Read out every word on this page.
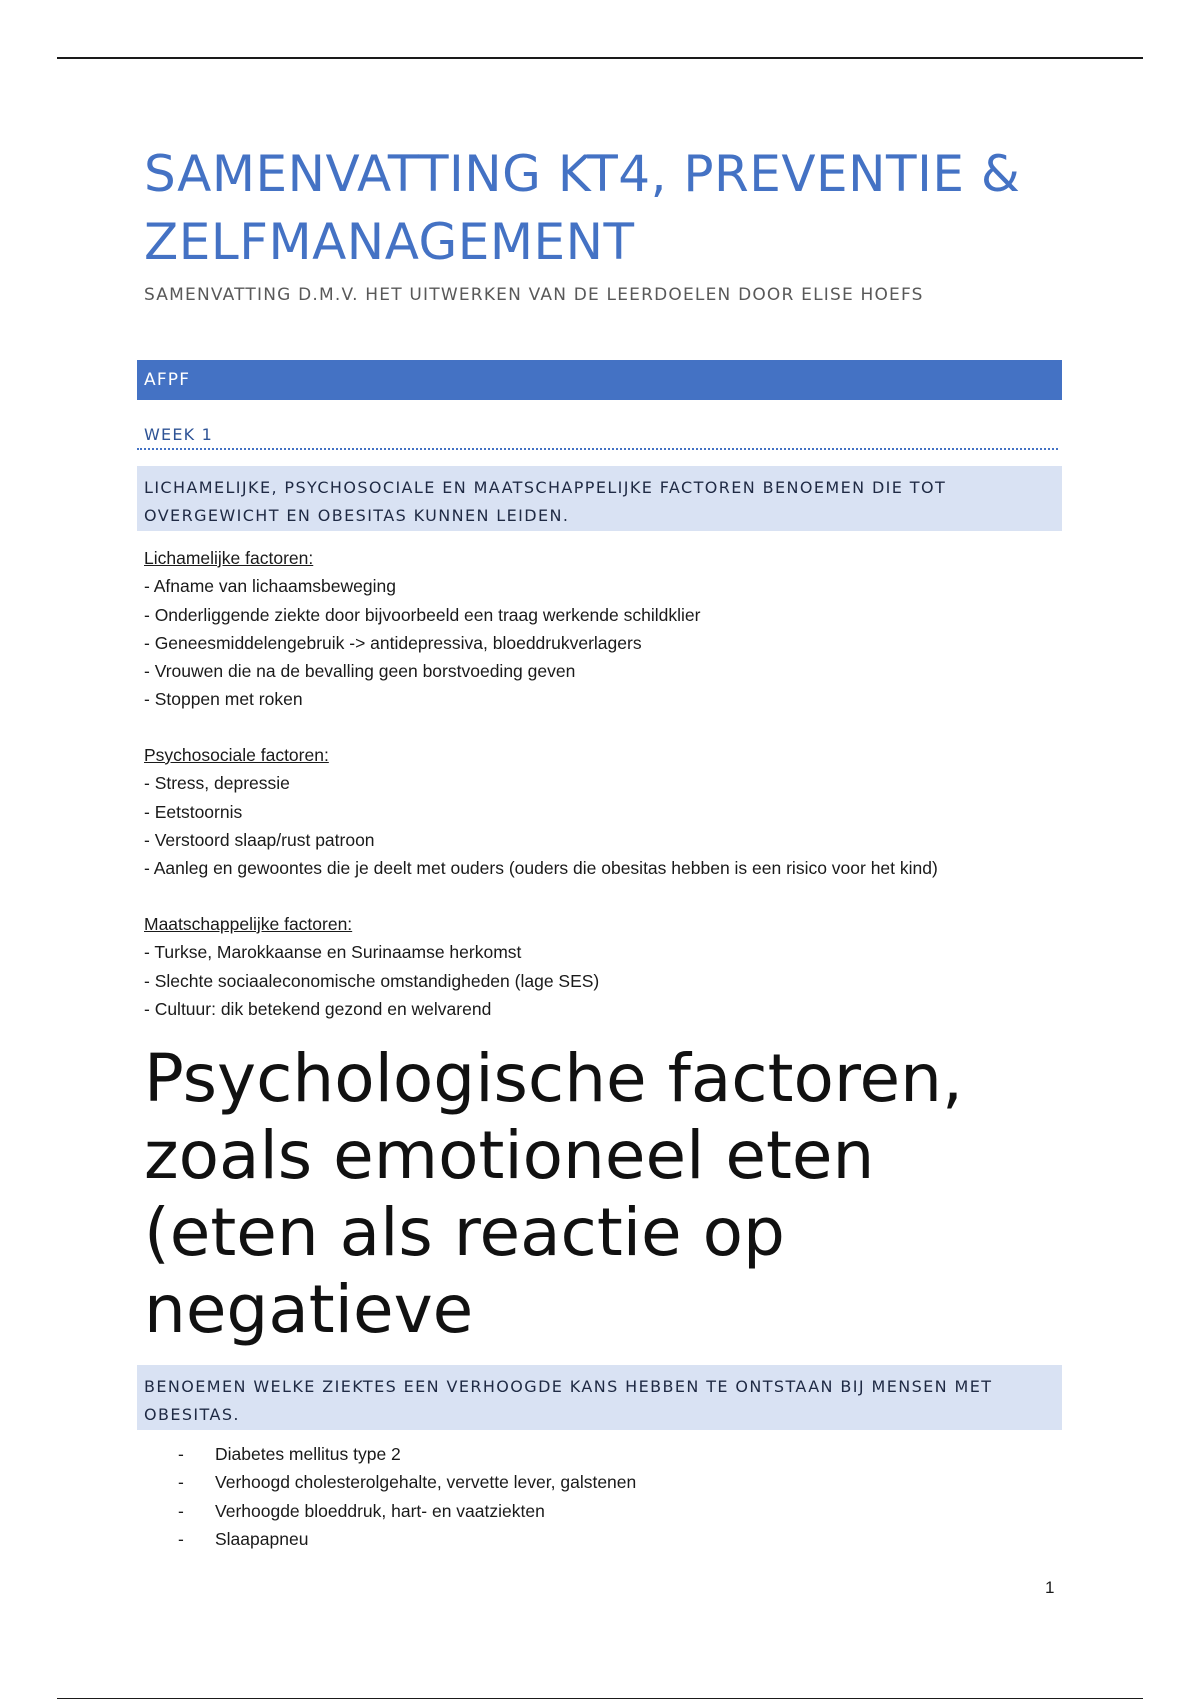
SAMENVATTING KT4, PREVENTIE & ZELFMANAGEMENT

SAMENVATTING D.M.V. HET UITWERKEN VAN DE LEERDOELEN DOOR ELISE HOEFS

AFPF
WEEK 1
LICHAMELIJKE, PSYCHOSOCIALE EN MAATSCHAPPELIJKE FACTOREN BENOEMEN DIE TOT OVERGEWICHT EN OBESITAS KUNNEN LEIDEN.
Lichamelijke factoren:
- Afname van lichaamsbeweging
- Onderliggende ziekte door bijvoorbeeld een traag werkende schildklier
- Geneesmiddelengebruik -> antidepressiva, bloeddrukverlagers
- Vrouwen die na de bevalling geen borstvoeding geven
- Stoppen met roken
Psychosociale factoren:
- Stress, depressie
- Eetstoornis
- Verstoord slaap/rust patroon
- Aanleg en gewoontes die je deelt met ouders (ouders die obesitas hebben is een risico voor het kind)
Maatschappelijke factoren:
- Turkse, Marokkaanse en Surinaamse herkomst
- Slechte sociaaleconomische omstandigheden (lage SES)
- Cultuur: dik betekend gezond en welvarend

Psychologische factoren, zoals emotioneel eten (eten als reactie op negatieve

BENOEMEN WELKE ZIEKTES EEN VERHOOGDE KANS HEBBEN TE ONTSTAAN BIJ MENSEN MET OBESITAS.
-	Diabetes mellitus type 2
-	Verhoogd cholesterolgehalte, vervette lever, galstenen
-	Verhoogde bloeddruk, hart- en vaatziekten
-	Slaapapneu
1
